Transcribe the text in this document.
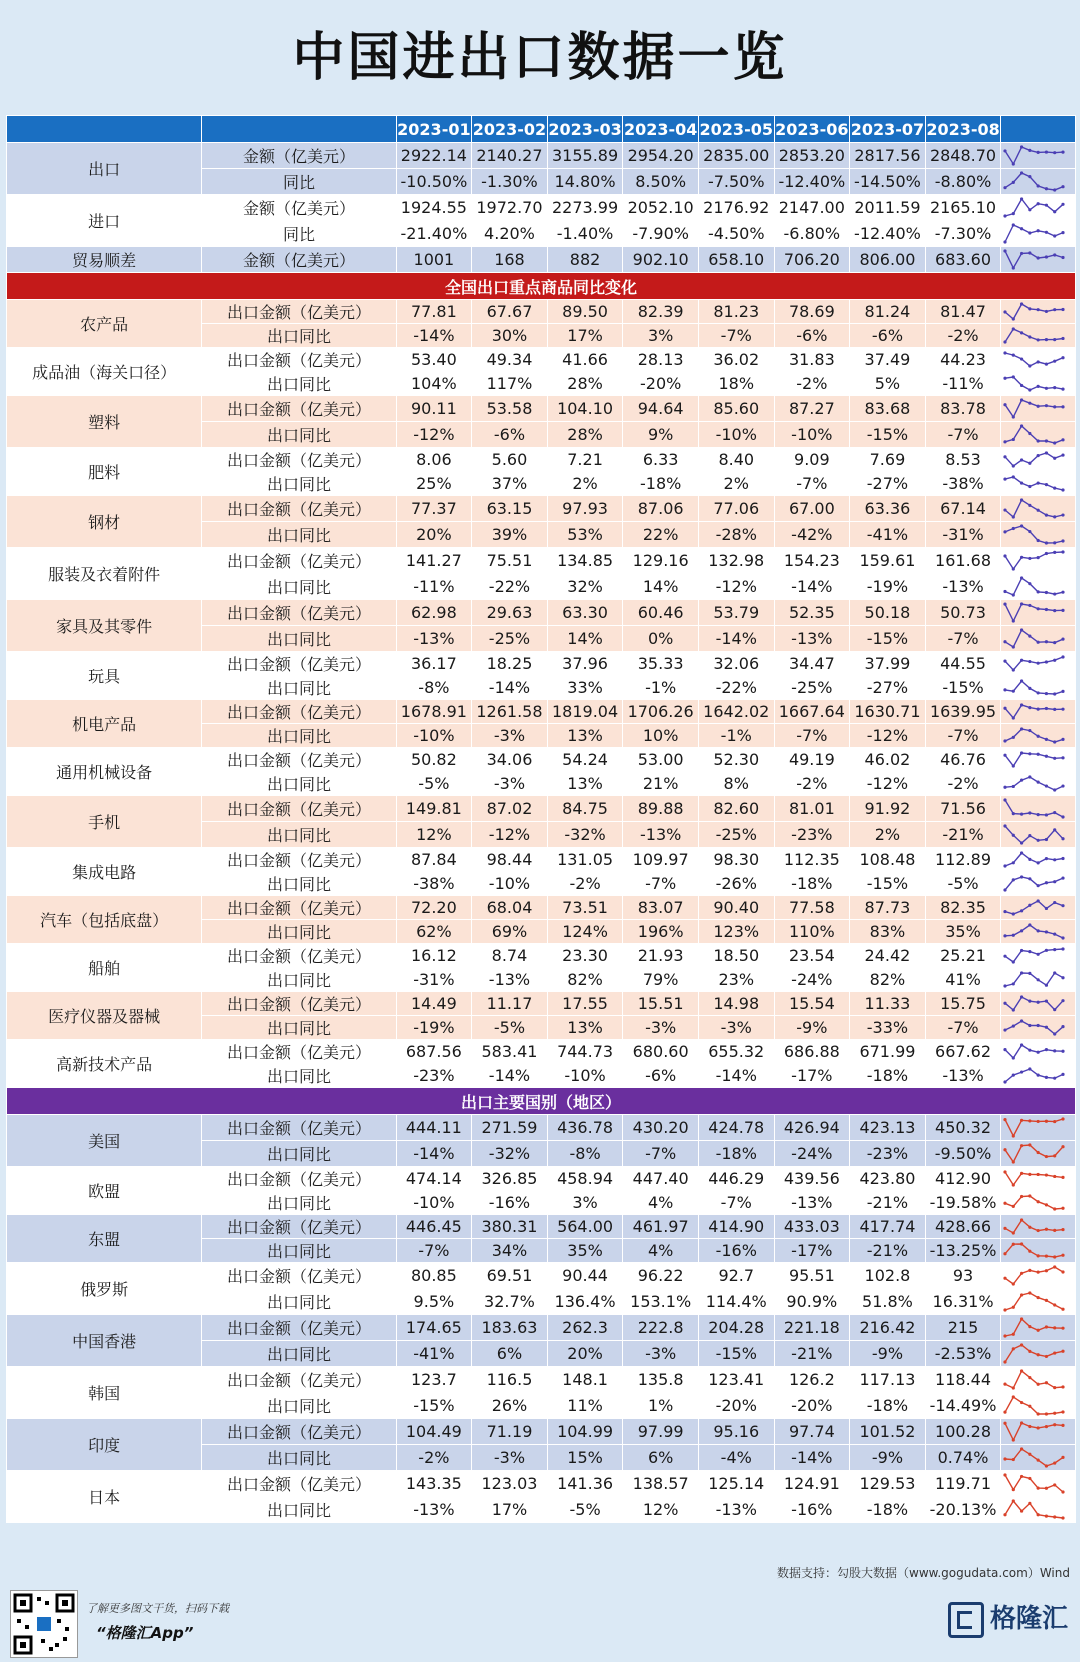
中国进出口数据一览
		2023-01	2023-02	2023-03	2023-04	2023-05	2023-06	2023-07	2023-08	
出口	金额（亿美元）	2922.14	2140.27	3155.89	2954.20	2835.00	2853.20	2817.56	2848.70	

	同比	-10.50%	-1.30%	14.80%	8.50%	-7.50%	-12.40%	-14.50%	-8.80%	

进口	金额（亿美元）	1924.55	1972.70	2273.99	2052.10	2176.92	2147.00	2011.59	2165.10	

	同比	-21.40%	4.20%	-1.40%	-7.90%	-4.50%	-6.80%	-12.40%	-7.30%	

贸易顺差	金额（亿美元）	1001	168	882	902.10	658.10	706.20	806.00	683.60	

全国出口重点商品同比变化										
农产品	出口金额（亿美元）	77.81	67.67	89.50	82.39	81.23	78.69	81.24	81.47	

	出口同比	-14%	30%	17%	3%	-7%	-6%	-6%	-2%	

成品油（海关口径）	出口金额（亿美元）	53.40	49.34	41.66	28.13	36.02	31.83	37.49	44.23	

	出口同比	104%	117%	28%	-20%	18%	-2%	5%	-11%	

塑料	出口金额（亿美元）	90.11	53.58	104.10	94.64	85.60	87.27	83.68	83.78	

	出口同比	-12%	-6%	28%	9%	-10%	-10%	-15%	-7%	

肥料	出口金额（亿美元）	8.06	5.60	7.21	6.33	8.40	9.09	7.69	8.53	

	出口同比	25%	37%	2%	-18%	2%	-7%	-27%	-38%	

钢材	出口金额（亿美元）	77.37	63.15	97.93	87.06	77.06	67.00	63.36	67.14	

	出口同比	20%	39%	53%	22%	-28%	-42%	-41%	-31%	

服装及衣着附件	出口金额（亿美元）	141.27	75.51	134.85	129.16	132.98	154.23	159.61	161.68	

	出口同比	-11%	-22%	32%	14%	-12%	-14%	-19%	-13%	

家具及其零件	出口金额（亿美元）	62.98	29.63	63.30	60.46	53.79	52.35	50.18	50.73	

	出口同比	-13%	-25%	14%	0%	-14%	-13%	-15%	-7%	

玩具	出口金额（亿美元）	36.17	18.25	37.96	35.33	32.06	34.47	37.99	44.55	

	出口同比	-8%	-14%	33%	-1%	-22%	-25%	-27%	-15%	

机电产品	出口金额（亿美元）	1678.91	1261.58	1819.04	1706.26	1642.02	1667.64	1630.71	1639.95	

	出口同比	-10%	-3%	13%	10%	-1%	-7%	-12%	-7%	

通用机械设备	出口金额（亿美元）	50.82	34.06	54.24	53.00	52.30	49.19	46.02	46.76	

	出口同比	-5%	-3%	13%	21%	8%	-2%	-12%	-2%	

手机	出口金额（亿美元）	149.81	87.02	84.75	89.88	82.60	81.01	91.92	71.56	

	出口同比	12%	-12%	-32%	-13%	-25%	-23%	2%	-21%	

集成电路	出口金额（亿美元）	87.84	98.44	131.05	109.97	98.30	112.35	108.48	112.89	

	出口同比	-38%	-10%	-2%	-7%	-26%	-18%	-15%	-5%	

汽车（包括底盘）	出口金额（亿美元）	72.20	68.04	73.51	83.07	90.40	77.58	87.73	82.35	

	出口同比	62%	69%	124%	196%	123%	110%	83%	35%	

船舶	出口金额（亿美元）	16.12	8.74	23.30	21.93	18.50	23.54	24.42	25.21	

	出口同比	-31%	-13%	82%	79%	23%	-24%	82%	41%	

医疗仪器及器械	出口金额（亿美元）	14.49	11.17	17.55	15.51	14.98	15.54	11.33	15.75	

	出口同比	-19%	-5%	13%	-3%	-3%	-9%	-33%	-7%	

高新技术产品	出口金额（亿美元）	687.56	583.41	744.73	680.60	655.32	686.88	671.99	667.62	

	出口同比	-23%	-14%	-10%	-6%	-14%	-17%	-18%	-13%	

出口主要国别（地区）										
美国	出口金额（亿美元）	444.11	271.59	436.78	430.20	424.78	426.94	423.13	450.32	

	出口同比	-14%	-32%	-8%	-7%	-18%	-24%	-23%	-9.50%	

欧盟	出口金额（亿美元）	474.14	326.85	458.94	447.40	446.29	439.56	423.80	412.90	

	出口同比	-10%	-16%	3%	4%	-7%	-13%	-21%	-19.58%	

东盟	出口金额（亿美元）	446.45	380.31	564.00	461.97	414.90	433.03	417.74	428.66	

	出口同比	-7%	34%	35%	4%	-16%	-17%	-21%	-13.25%	

俄罗斯	出口金额（亿美元）	80.85	69.51	90.44	96.22	92.7	95.51	102.8	93	

	出口同比	9.5%	32.7%	136.4%	153.1%	114.4%	90.9%	51.8%	16.31%	

中国香港	出口金额（亿美元）	174.65	183.63	262.3	222.8	204.28	221.18	216.42	215	

	出口同比	-41%	6%	20%	-3%	-15%	-21%	-9%	-2.53%	

韩国	出口金额（亿美元）	123.7	116.5	148.1	135.8	123.41	126.2	117.13	118.44	

	出口同比	-15%	26%	11%	1%	-20%	-20%	-18%	-14.49%	

印度	出口金额（亿美元）	104.49	71.19	104.99	97.99	95.16	97.74	101.52	100.28	

	出口同比	-2%	-3%	15%	6%	-4%	-14%	-9%	0.74%	

日本	出口金额（亿美元）	143.35	123.03	141.36	138.57	125.14	124.91	129.53	119.71	

	出口同比	-13%	17%	-5%	12%	-13%	-16%	-18%	-20.13%	
数据支持：勾股大数据（www.gogudata.com）Wind
了解更多图文干货，扫码下载
“格隆汇App”	格隆汇
